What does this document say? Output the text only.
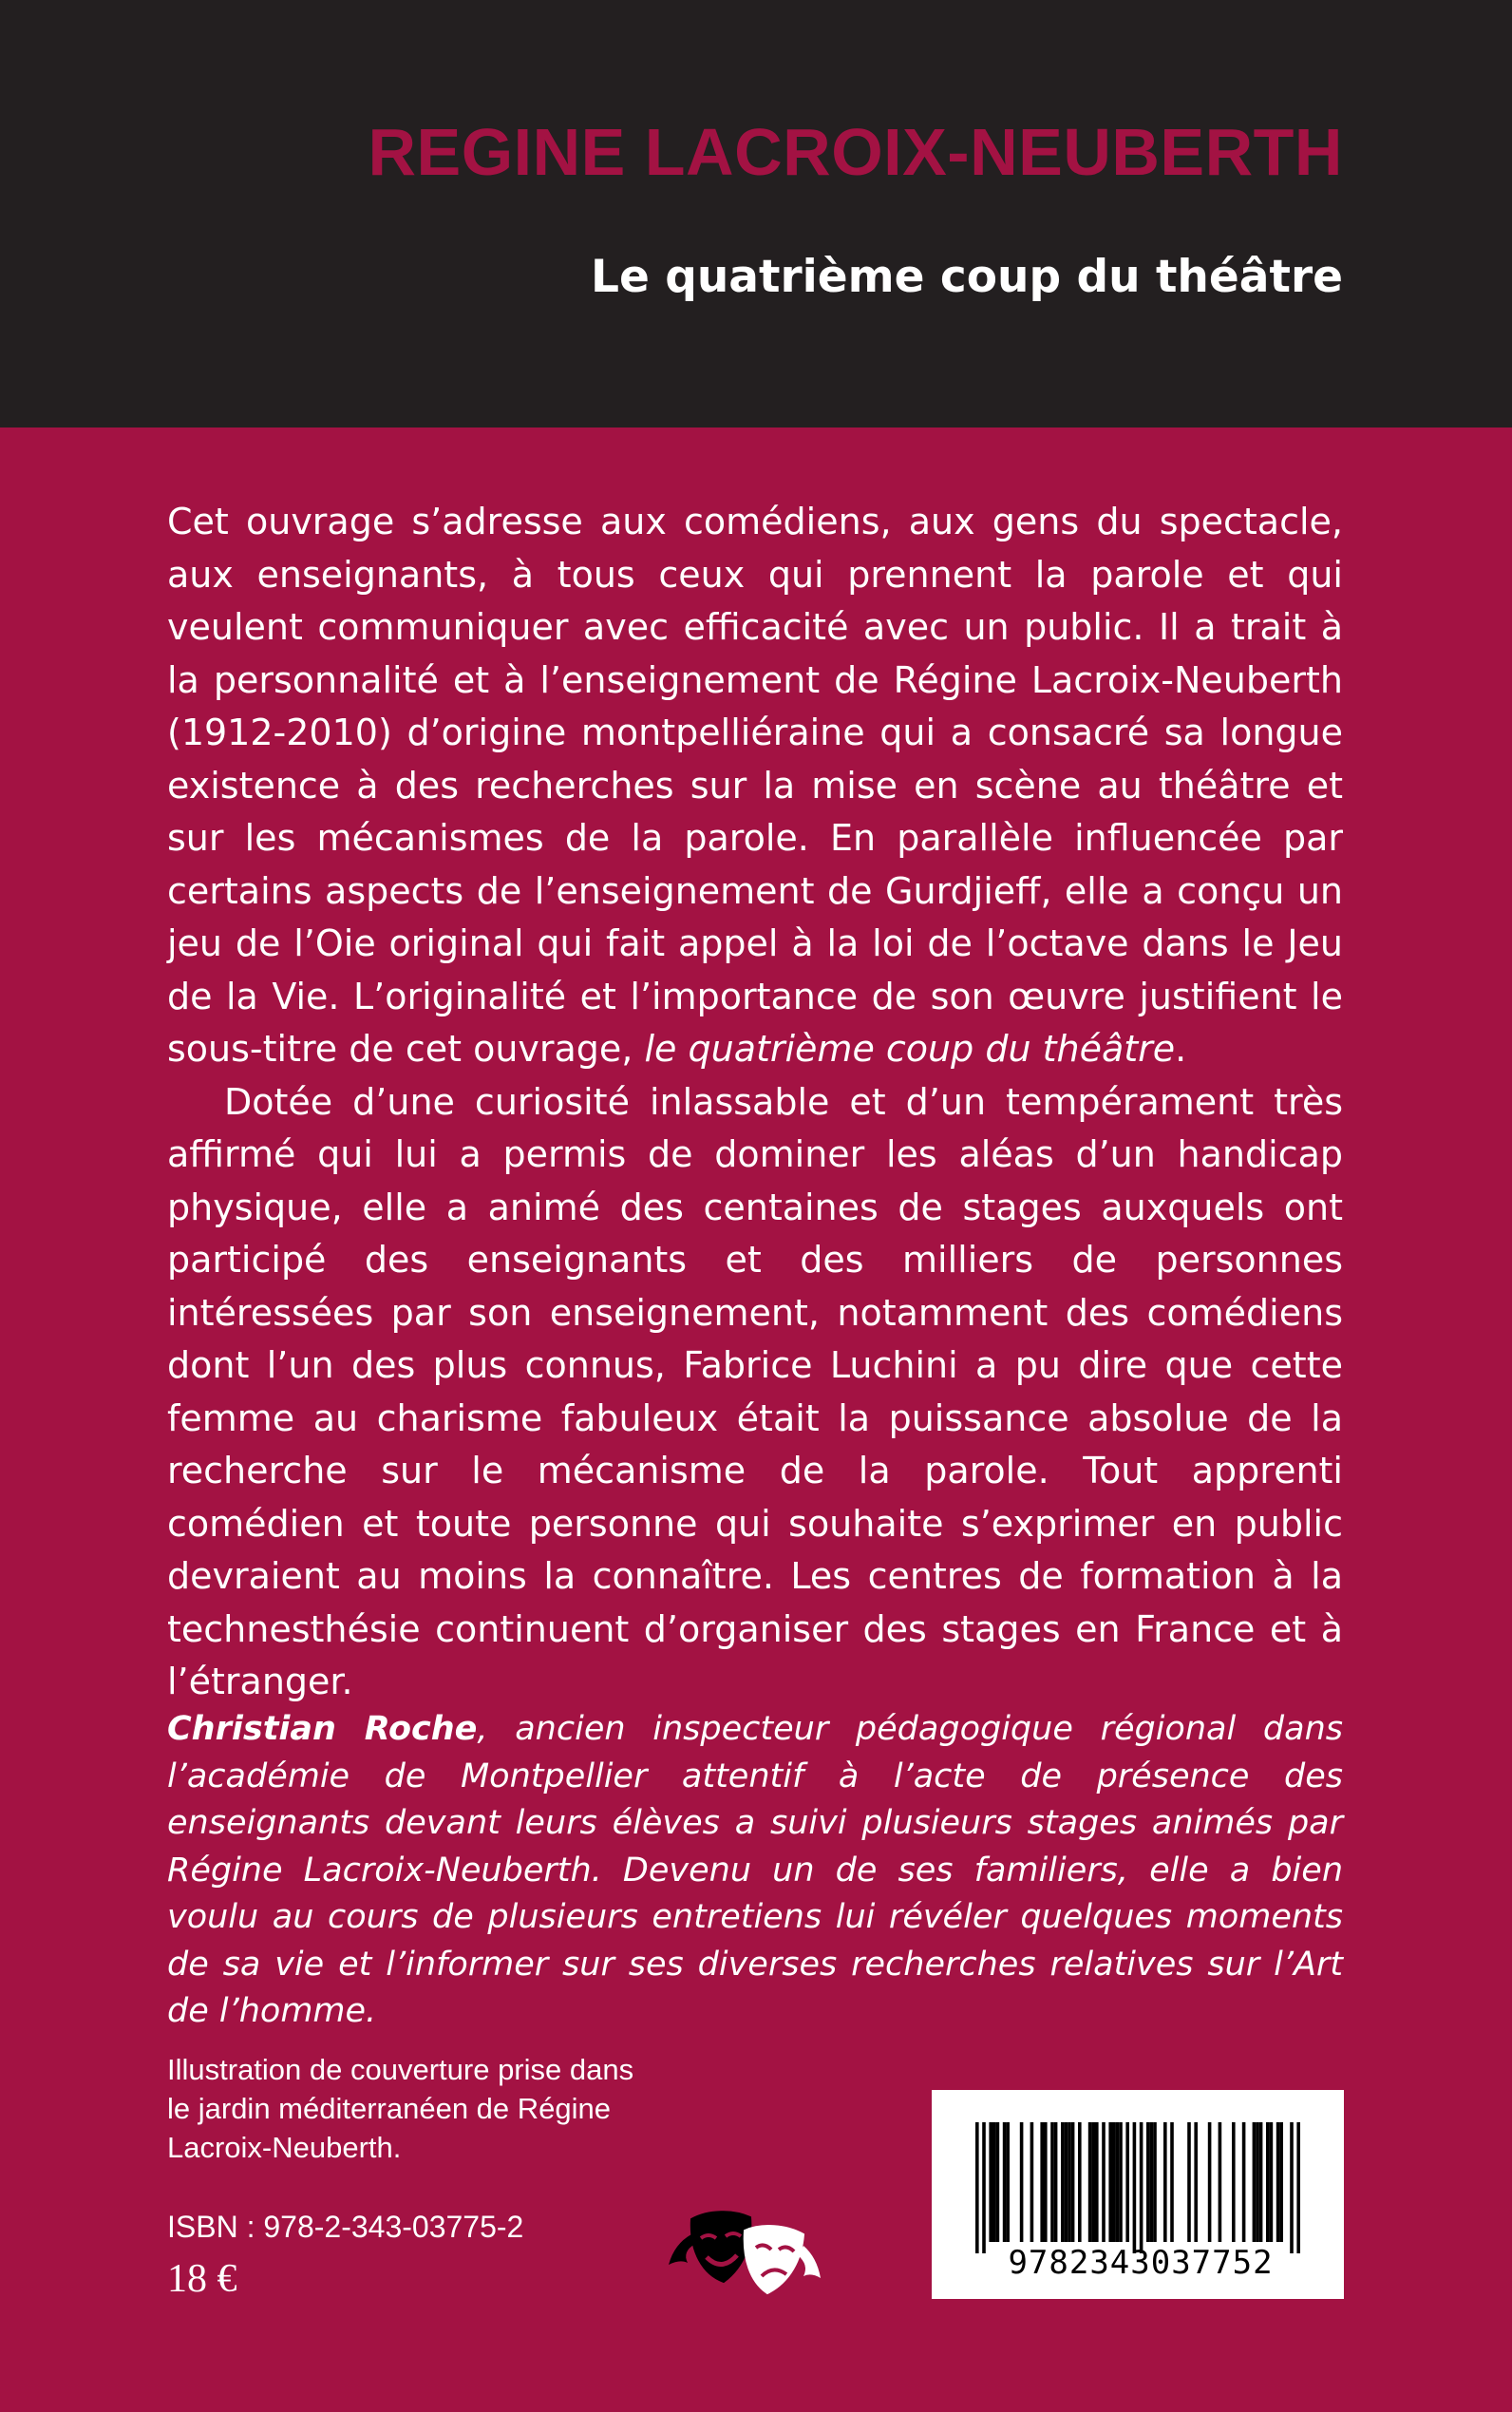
REGINE LACROIX-NEUBERTH
Le quatrième coup du théâtre

Cet ouvrage s’adresse aux comédiens, aux gens du spectacle, aux enseignants, à tous ceux qui prennent la parole et qui veulent communiquer avec efficacité avec un public. Il a trait à la personnalité et à l’enseignement de Régine Lacroix-Neuberth (1912-2010) d’origine montpelliéraine qui a consacré sa longue existence à des recherches sur la mise en scène au théâtre et sur les mécanismes de la parole. En parallèle influencée par certains aspects de l’enseignement de Gurdjieff, elle a conçu un jeu de l’Oie original qui fait appel à la loi de l’octave dans le Jeu de la Vie. L’originalité et l’importance de son œuvre justifient le sous-titre de cet ouvrage, le quatrième coup du théâtre.

Dotée d’une curiosité inlassable et d’un tempérament très affirmé qui lui a permis de dominer les aléas d’un handicap physique, elle a animé des centaines de stages auxquels ont participé des enseignants et des milliers de personnes intéressées par son enseignement, notamment des comédiens dont l’un des plus connus, Fabrice Luchini a pu dire que cette femme au charisme fabuleux était la puissance absolue de la recherche sur le mécanisme de la parole. Tout apprenti comédien et toute personne qui souhaite s’exprimer en public devraient au moins la connaître. Les centres de formation à la technesthésie continuent d’organiser des stages en France et à l’étranger.

Christian Roche, ancien inspecteur pédagogique régional dans l’académie de Montpellier attentif à l’acte de présence des enseignants devant leurs élèves a suivi plusieurs stages animés par Régine Lacroix-Neuberth. Devenu un de ses familiers, elle a bien voulu au cours de plusieurs entretiens lui révéler quelques moments de sa vie et l’informer sur ses diverses recherches relatives sur l’Art de l’homme.

Illustration de couverture prise dans
le jardin méditerranéen de Régine
Lacroix-Neuberth.
ISBN : 978-2-343-03775-2
18 €	9782343037752
